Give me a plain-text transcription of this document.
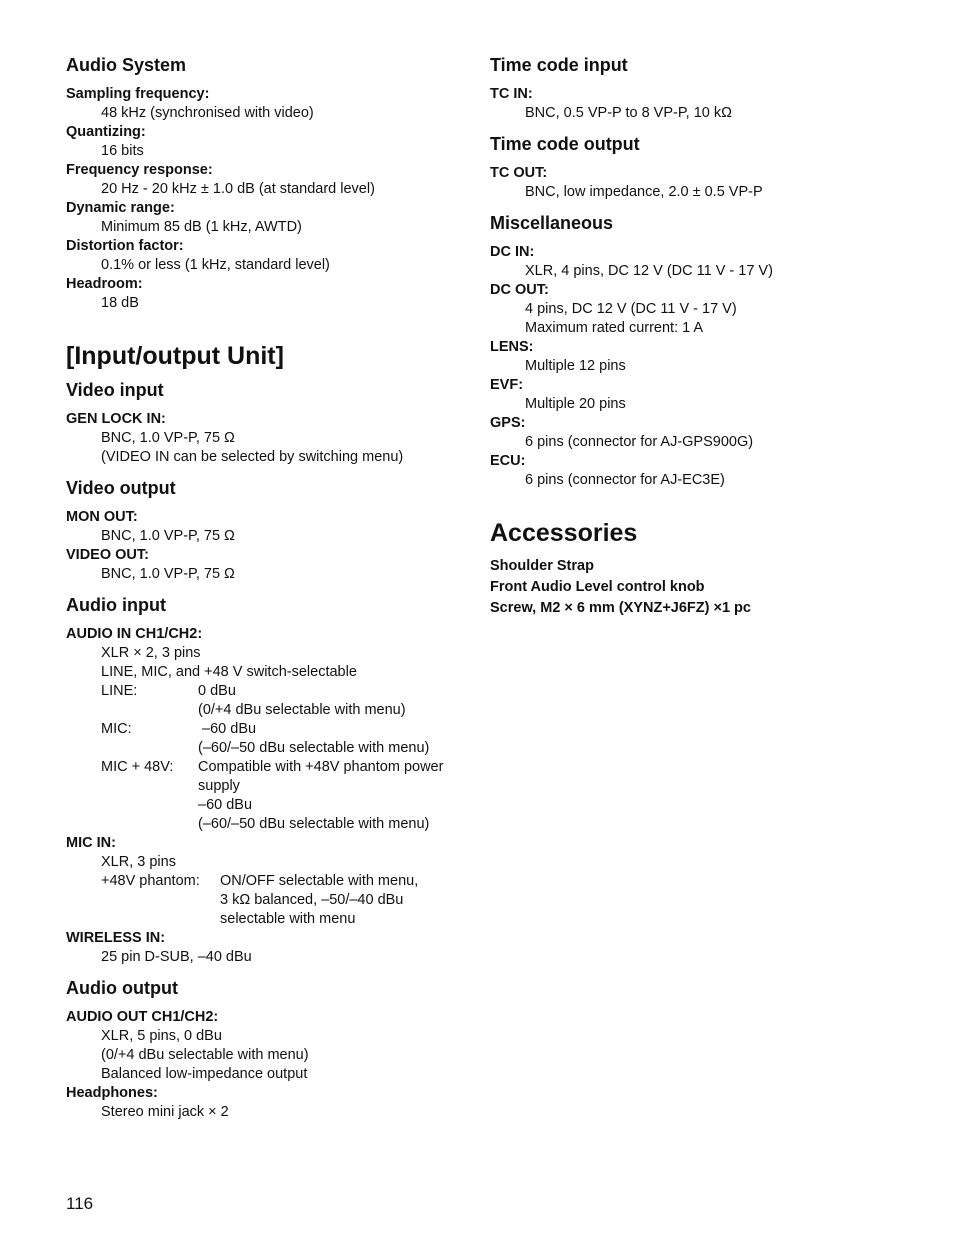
Audio System
Sampling frequency:
48 kHz (synchronised with video)
Quantizing:
16 bits
Frequency response:
20 Hz - 20 kHz ± 1.0 dB (at standard level)
Dynamic range:
Minimum 85 dB (1 kHz, AWTD)
Distortion factor:
0.1% or less (1 kHz, standard level)
Headroom:
18 dB
[Input/output Unit]
Video input
GEN LOCK IN:
BNC, 1.0 VP-P, 75 Ω
(VIDEO IN can be selected by switching menu)
Video output
MON OUT:
BNC, 1.0 VP-P, 75 Ω
VIDEO OUT:
BNC, 1.0 VP-P, 75 Ω
Audio input
AUDIO IN CH1/CH2:
XLR × 2, 3 pins
LINE, MIC, and +48 V switch-selectable
LINE:	0 dBu
(0/+4 dBu selectable with menu)

MIC:	–60 dBu
(–60/–50 dBu selectable with menu)

MIC + 48V:	Compatible with +48V phantom power
supply
–60 dBu
(–60/–50 dBu selectable with menu)
MIC IN:
XLR, 3 pins
+48V phantom:	ON/OFF selectable with menu,
3 kΩ balanced, –50/–40 dBu
selectable with menu
WIRELESS IN:
25 pin D-SUB, –40 dBu
Audio output
AUDIO OUT CH1/CH2:
XLR, 5 pins, 0 dBu
(0/+4 dBu selectable with menu)
Balanced low-impedance output
Headphones:
Stereo mini jack × 2
Time code input
TC IN:
BNC, 0.5 VP-P to 8 VP-P, 10 kΩ
Time code output
TC OUT:
BNC, low impedance, 2.0 ± 0.5 VP-P
Miscellaneous
DC IN:
XLR, 4 pins, DC 12 V (DC 11 V - 17 V)
DC OUT:
4 pins, DC 12 V (DC 11 V - 17 V)
Maximum rated current: 1 A
LENS:
Multiple 12 pins
EVF:
Multiple 20 pins
GPS:
6 pins (connector for AJ-GPS900G)
ECU:
6 pins (connector for AJ-EC3E)
Accessories
Shoulder Strap
Front Audio Level control knob
Screw, M2 × 6 mm (XYNZ+J6FZ) ×1 pc
116
